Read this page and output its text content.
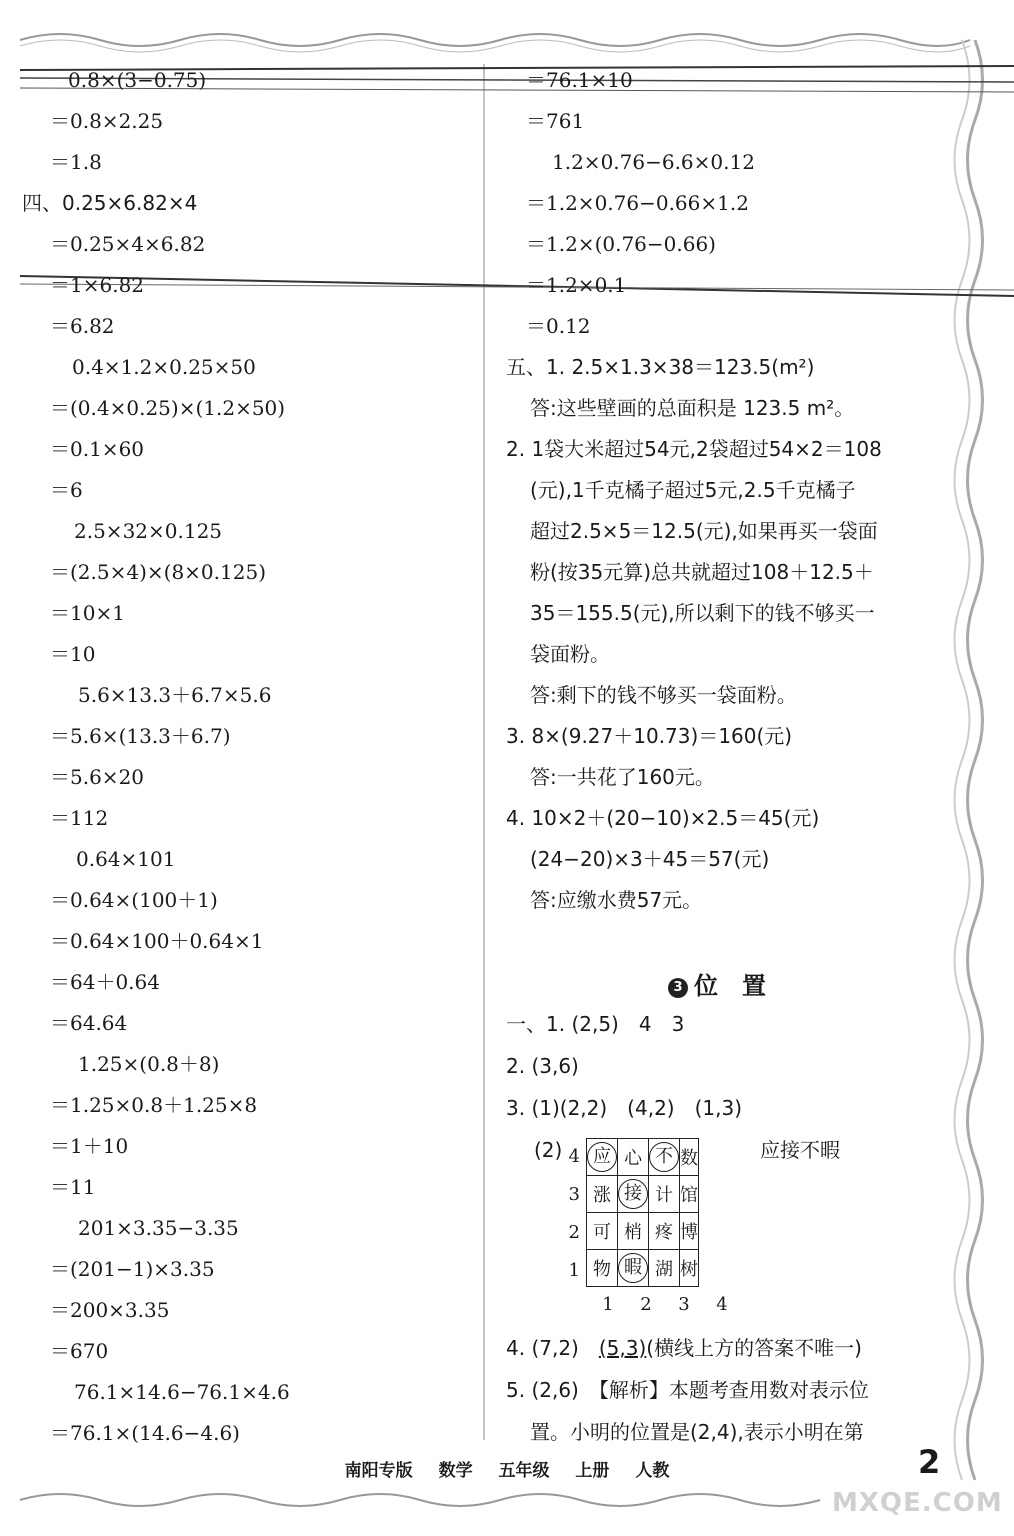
0.8×(3−0.75)
＝0.8×2.25
＝1.8
四、0.25×6.82×4
＝0.25×4×6.82
＝1×6.82
＝6.82
0.4×1.2×0.25×50
＝(0.4×0.25)×(1.2×50)
＝0.1×60
＝6
2.5×32×0.125
＝(2.5×4)×(8×0.125)
＝10×1
＝10
5.6×13.3＋6.7×5.6
＝5.6×(13.3＋6.7)
＝5.6×20
＝112
0.64×101
＝0.64×(100＋1)
＝0.64×100＋0.64×1
＝64＋0.64
＝64.64
1.25×(0.8＋8)
＝1.25×0.8＋1.25×8
＝1＋10
＝11
201×3.35−3.35
＝(201−1)×3.35
＝200×3.35
＝670
76.1×14.6−76.1×4.6
＝76.1×(14.6−4.6)
＝76.1×10
＝761
1.2×0.76−6.6×0.12
＝1.2×0.76−0.66×1.2
＝1.2×(0.76−0.66)
＝1.2×0.1
＝0.12
五、1. 2.5×1.3×38＝123.5(m²)
答:这些壁画的总面积是 123.5 m²。
2. 1袋大米超过54元,2袋超过54×2＝108
(元),1千克橘子超过5元,2.5千克橘子
超过2.5×5＝12.5(元),如果再买一袋面
粉(按35元算)总共就超过108＋12.5＋
35＝155.5(元),所以剩下的钱不够买一
袋面粉。
答:剩下的钱不够买一袋面粉。
3. 8×(9.27＋10.73)＝160(元)
答:一共花了160元。
4. 10×2＋(20−10)×2.5＝45(元)
(24−20)×3＋45＝57(元)
答:应缴水费57元。
3 位　置
一、1. (2,5)　4　3
2. (3,6)
3. (1)(2,2)　(4,2)　(1,3)
(2)	应接不暇
4
3
2
1
应	心	不	数
涨	接	计	馆
可	梢	疼	博
物	暇	湖	树
1	2	3	4
4. (7,2)　(5,3)(横线上方的答案不唯一)
5. (2,6)　【解析】本题考查用数对表示位
置。小明的位置是(2,4),表示小明在第
南阳专版 数学 五年级 上册 人教	2
MXQE.COM
